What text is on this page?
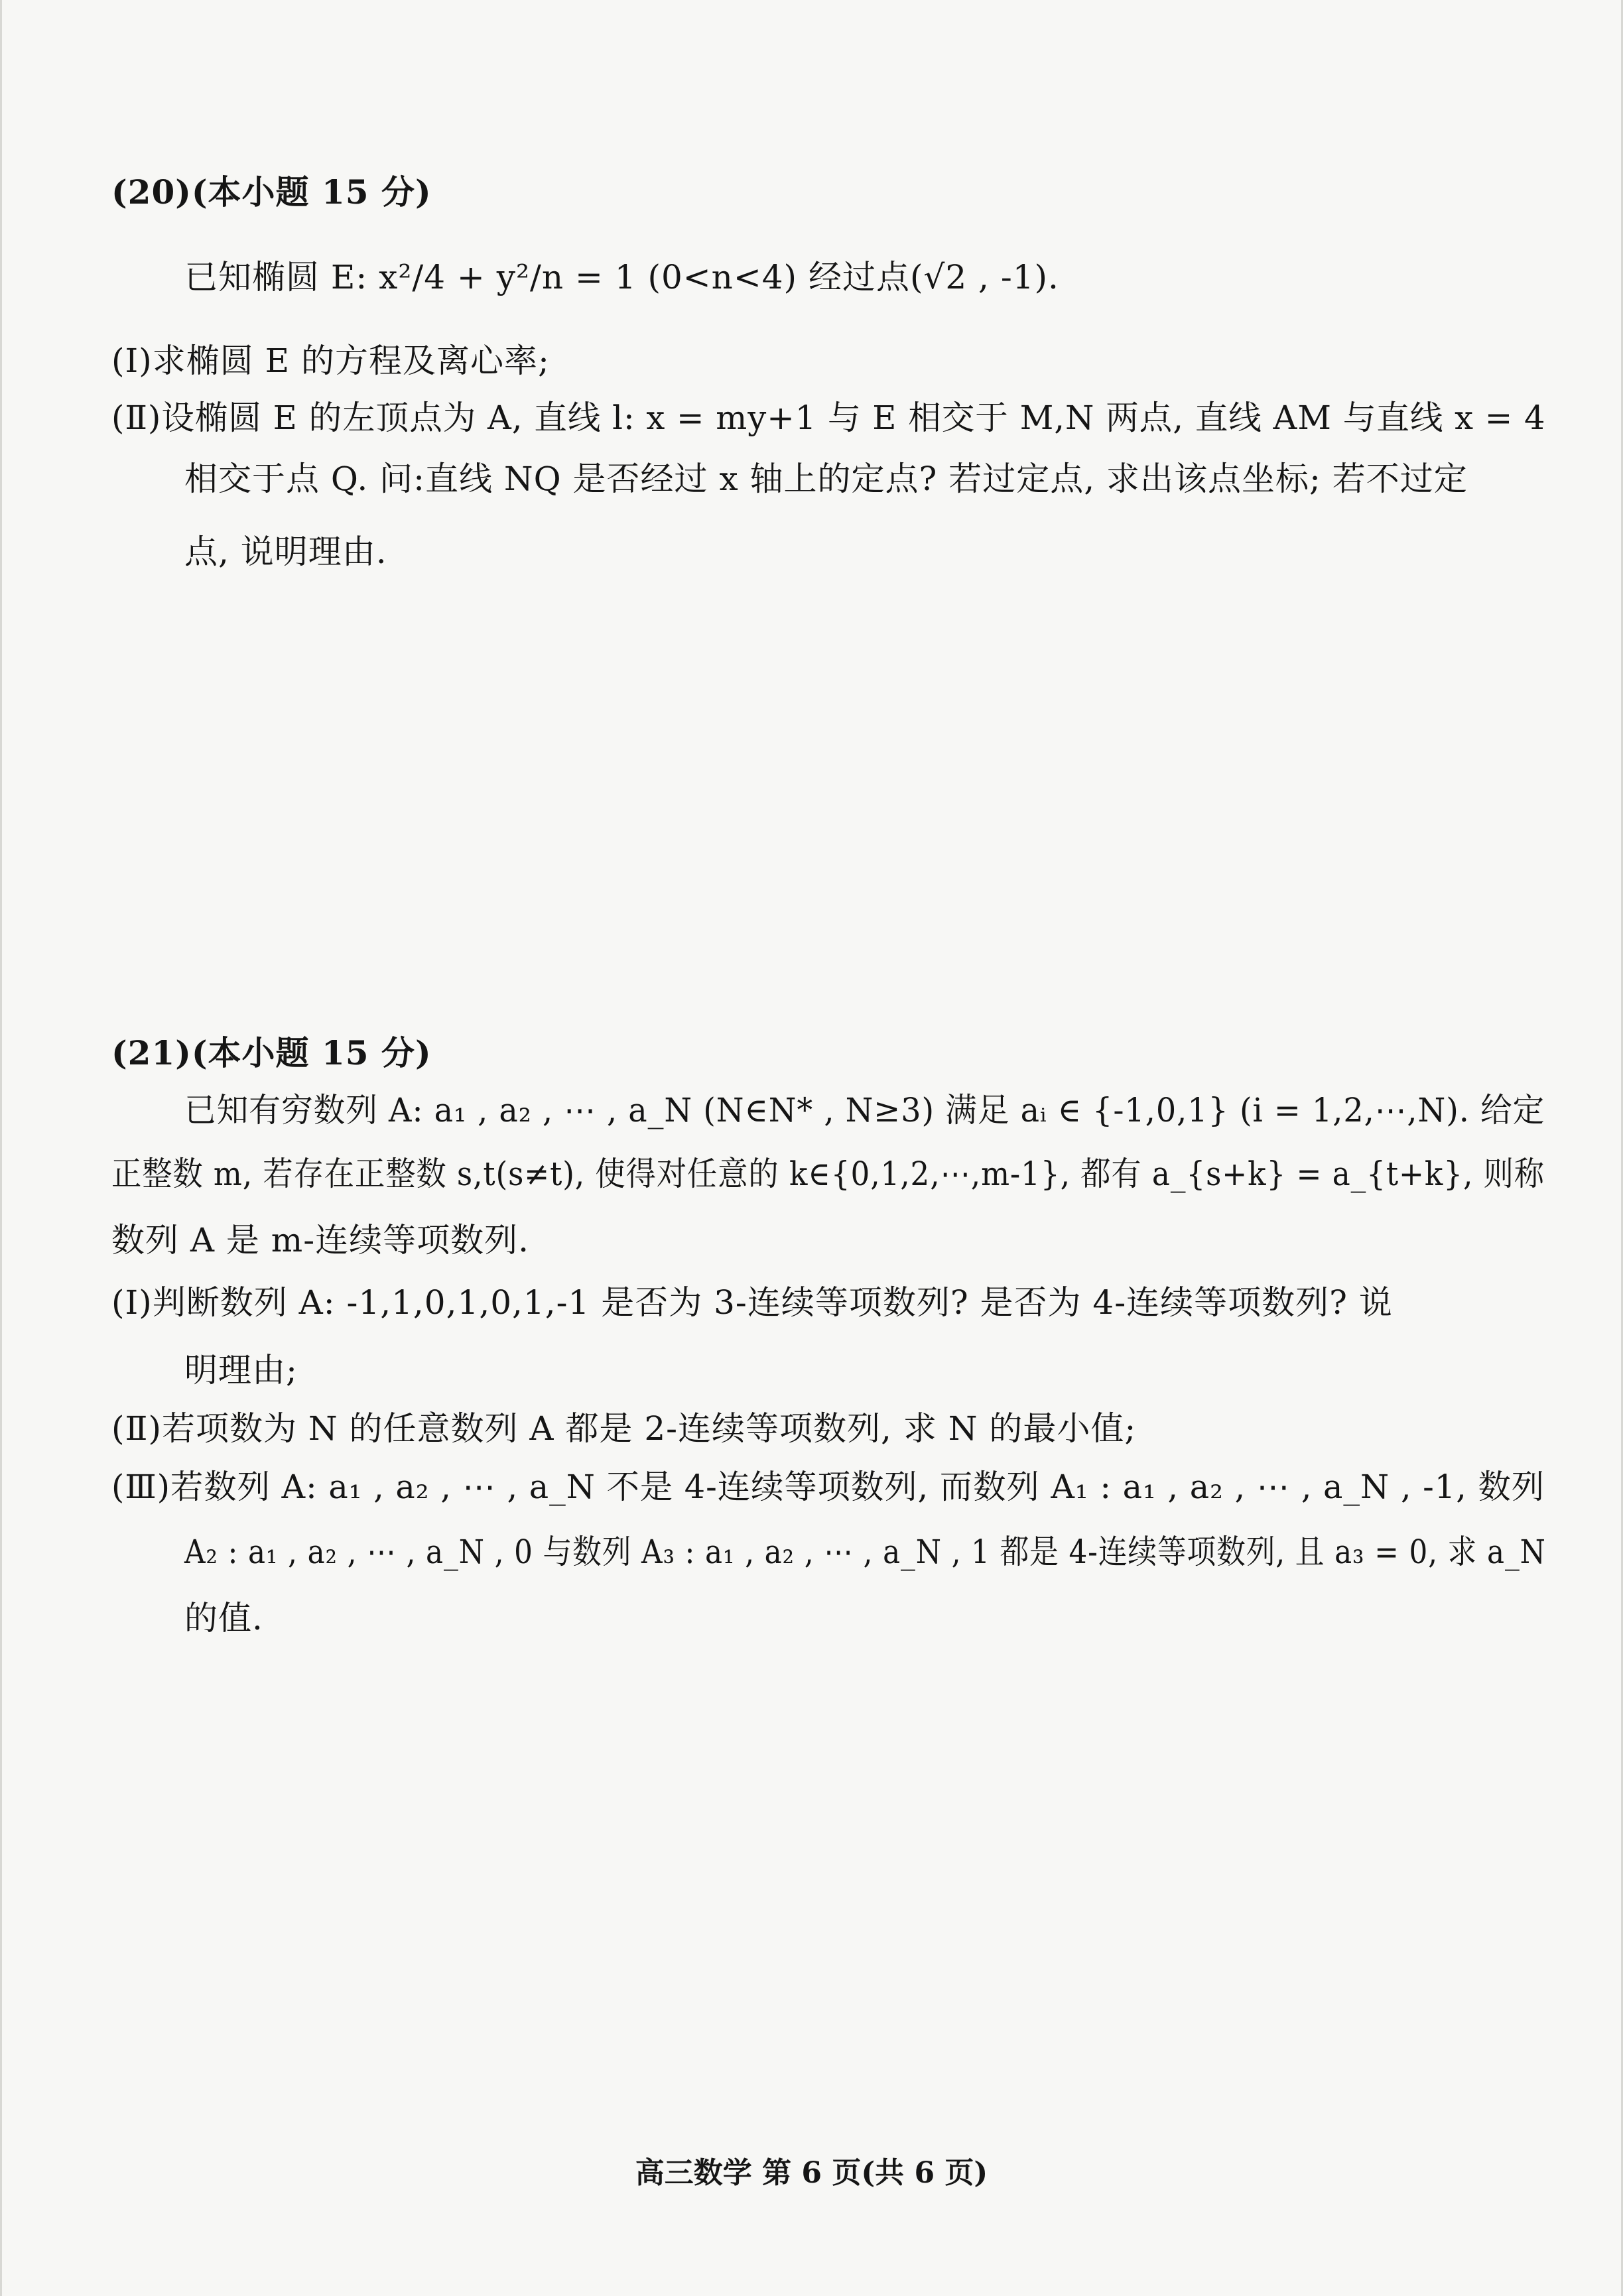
(20)(本小题 15 分)
已知椭圆 E: x²/4 + y²/n = 1 (0<n<4) 经过点(√2 , -1).
(Ⅰ)求椭圆 E 的方程及离心率;
(Ⅱ)设椭圆 E 的左顶点为 A, 直线 l: x = my+1 与 E 相交于 M,N 两点, 直线 AM 与直线 x = 4
相交于点 Q. 问:直线 NQ 是否经过 x 轴上的定点? 若过定点, 求出该点坐标; 若不过定
点, 说明理由.
(21)(本小题 15 分)
已知有穷数列 A: a₁ , a₂ , ⋯ , a_N (N∈N* , N≥3) 满足 aᵢ ∈ {-1,0,1} (i = 1,2,⋯,N). 给定
正整数 m, 若存在正整数 s,t(s≠t), 使得对任意的 k∈{0,1,2,⋯,m-1}, 都有 a_{s+k} = a_{t+k}, 则称
数列 A 是 m-连续等项数列.
(Ⅰ)判断数列 A: -1,1,0,1,0,1,-1 是否为 3-连续等项数列? 是否为 4-连续等项数列? 说
明理由;
(Ⅱ)若项数为 N 的任意数列 A 都是 2-连续等项数列, 求 N 的最小值;
(Ⅲ)若数列 A: a₁ , a₂ , ⋯ , a_N 不是 4-连续等项数列, 而数列 A₁ : a₁ , a₂ , ⋯ , a_N , -1, 数列
A₂ : a₁ , a₂ , ⋯ , a_N , 0 与数列 A₃ : a₁ , a₂ , ⋯ , a_N , 1 都是 4-连续等项数列, 且 a₃ = 0, 求 a_N
的值.
高三数学 第 6 页(共 6 页)
